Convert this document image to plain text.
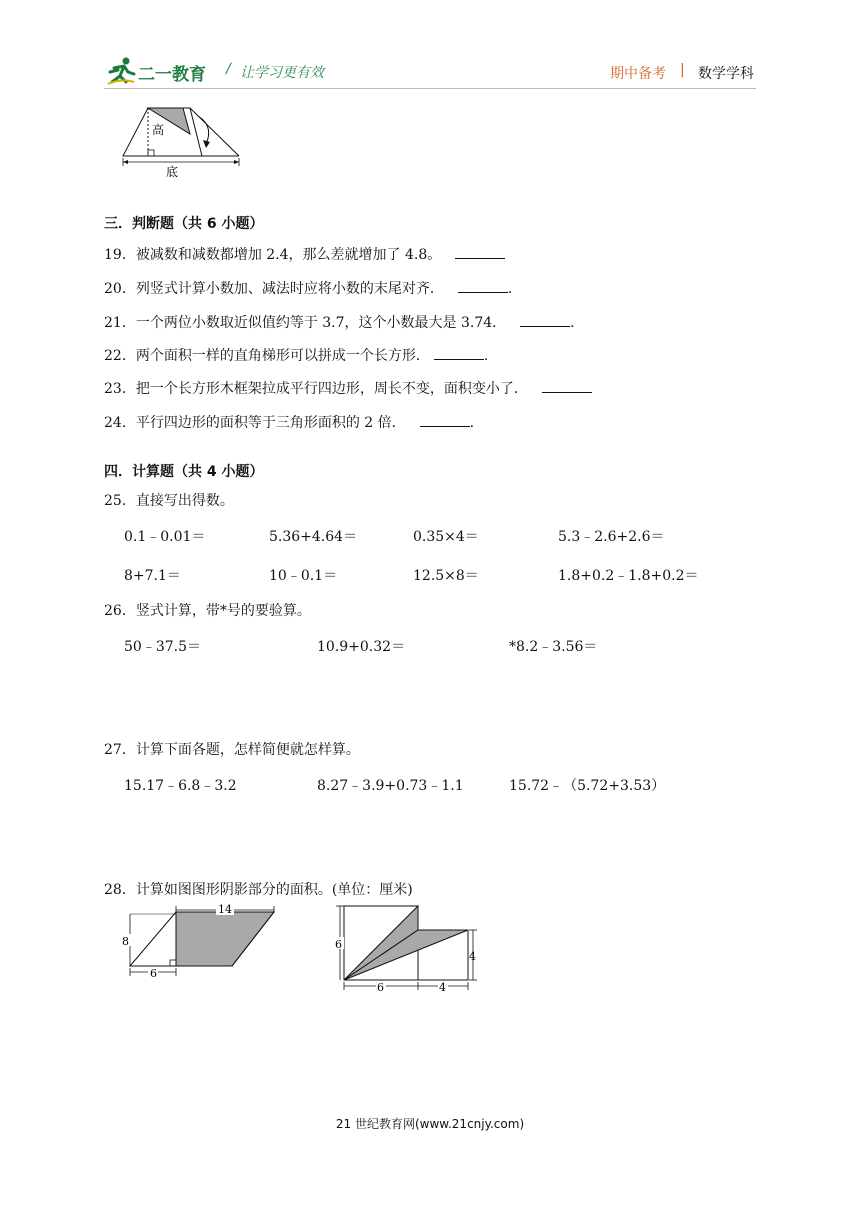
二一教育 / 让学习更有效	期中备考 | 数学学科
高
底
三．判断题（共 6 小题）
19．被减数和减数都增加 2.4，那么差就增加了 4.8。
20．列竖式计算小数加、减法时应将小数的末尾对齐．	.
21．一个两位小数取近似值约等于 3.7，这个小数最大是 3.74．	.
22．两个面积一样的直角梯形可以拼成一个长方形．	.
23．把一个长方形木框架拉成平行四边形，周长不变，面积变小了．
24．平行四边形的面积等于三角形面积的 2 倍．	.
四．计算题（共 4 小题）
25．直接写出得数。
0.1﹣0.01＝	5.36+4.64＝	0.35×4＝	5.3﹣2.6+2.6＝
8+7.1＝	10﹣0.1＝	12.5×8＝	1.8+0.2﹣1.8+0.2＝
26．竖式计算，带*号的要验算。
50﹣37.5＝	10.9+0.32＝	*8.2﹣3.56＝
27．计算下面各题，怎样简便就怎样算。
15.17﹣6.8﹣3.2	8.27﹣3.9+0.73﹣1.1	15.72﹣（5.72+3.53）
28．计算如图图形阴影部分的面积。(单位：厘米)
14
8
6
6
4
6	4
21 世纪教育网(www.21cnjy.com)
